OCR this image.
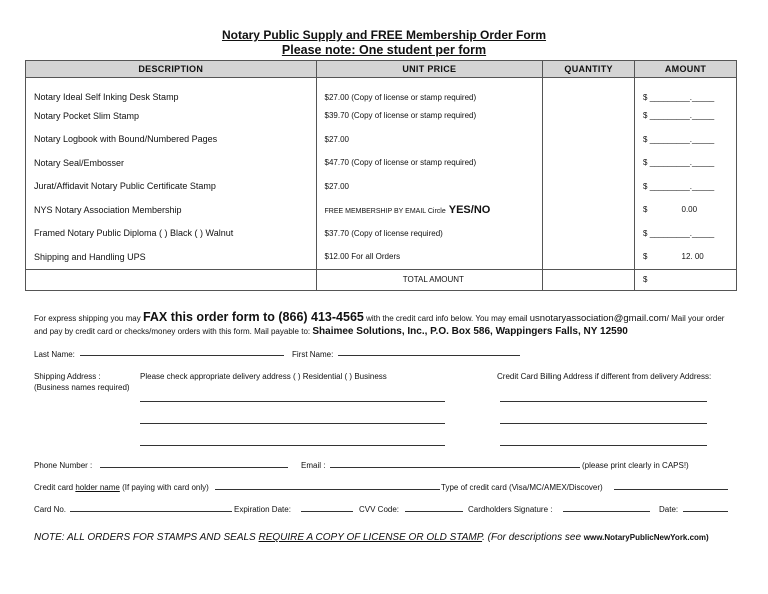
Notary Public Supply and FREE Membership Order Form
Please note: One student per form
DESCRIPTION	UNIT PRICE	QUANTITY	AMOUNT
Notary Ideal Self Inking Desk Stamp	$27.00 (Copy of license or stamp required)		$ _________._____
Notary Pocket Slim Stamp	$39.70 (Copy of license or stamp required)		$ _________._____
Notary Logbook with Bound/Numbered Pages	$27.00		$ _________._____
Notary Seal/Embosser	$47.70 (Copy of license or stamp required)		$ _________._____
Jurat/Affidavit Notary Public Certificate Stamp	$27.00		$ _________._____
NYS Notary Association Membership	FREE MEMBERSHIP BY EMAIL Circle YES/NO		$ 0.00
Framed Notary Public Diploma ( ) Black ( ) Walnut	$37.70 (Copy of license required)		$ _________._____
Shipping and Handling UPS	$12.00 For all Orders		$ 12. 00
	TOTAL AMOUNT		$
For express shipping you may FAX this order form to (866) 413-4565 with the credit card info below. You may email usnotaryassociation@gmail.com/ Mail your order
and pay by credit card or checks/money orders with this form. Mail payable to: Shaimee Solutions, Inc., P.O. Box 586, Wappingers Falls, NY 12590
Last Name:	First Name:
Shipping Address :
(Business names required)
Please check appropriate delivery address ( ) Residential ( ) Business	Credit Card Billing Address if different from delivery Address:
Phone Number :	Email :	(please print clearly in CAPS!)
Credit card holder name (If paying with card only)	Type of credit card (Visa/MC/AMEX/Discover)
Card No.	Expiration Date:	CVV Code:	Cardholders Signature :	Date:
NOTE: ALL ORDERS FOR STAMPS AND SEALS REQUIRE A COPY OF LICENSE OR OLD STAMP. (For descriptions see www.NotaryPublicNewYork.com)
